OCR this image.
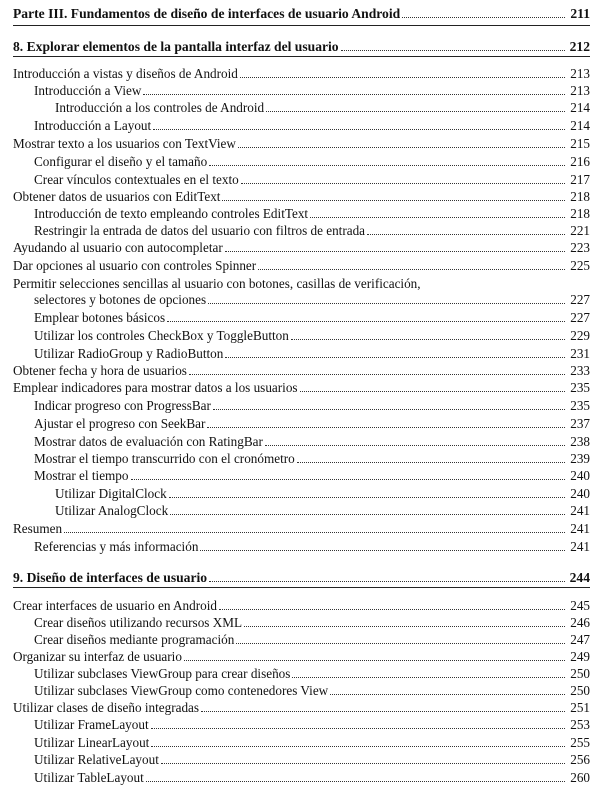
Parte III. Fundamentos de diseño de interfaces de usuario Android	211
8. Explorar elementos de la pantalla interfaz del usuario	212
Introducción a vistas y diseños de Android	213
Introducción a View	213
Introducción a los controles de Android	214
Introducción a Layout	214
Mostrar texto a los usuarios con TextView	215
Configurar el diseño y el tamaño	216
Crear vínculos contextuales en el texto	217
Obtener datos de usuarios con EditText	218
Introducción de texto empleando controles EditText	218
Restringir la entrada de datos del usuario con filtros de entrada	221
Ayudando al usuario con autocompletar	223
Dar opciones al usuario con controles Spinner	225
Permitir selecciones sencillas al usuario con botones, casillas de verificación,
selectores y botones de opciones	227
Emplear botones básicos	227
Utilizar los controles CheckBox y ToggleButton	229
Utilizar RadioGroup y RadioButton	231
Obtener fecha y hora de usuarios	233
Emplear indicadores para mostrar datos a los usuarios	235
Indicar progreso con ProgressBar	235
Ajustar el progreso con SeekBar	237
Mostrar datos de evaluación con RatingBar	238
Mostrar el tiempo transcurrido con el cronómetro	239
Mostrar el tiempo	240
Utilizar DigitalClock	240
Utilizar AnalogClock	241
Resumen	241
Referencias y más información	241
9. Diseño de interfaces de usuario	244
Crear interfaces de usuario en Android	245
Crear diseños utilizando recursos XML	246
Crear diseños mediante programación	247
Organizar su interfaz de usuario	249
Utilizar subclases ViewGroup para crear diseños	250
Utilizar subclases ViewGroup como contenedores View	250
Utilizar clases de diseño integradas	251
Utilizar FrameLayout	253
Utilizar LinearLayout	255
Utilizar RelativeLayout	256
Utilizar TableLayout	260
